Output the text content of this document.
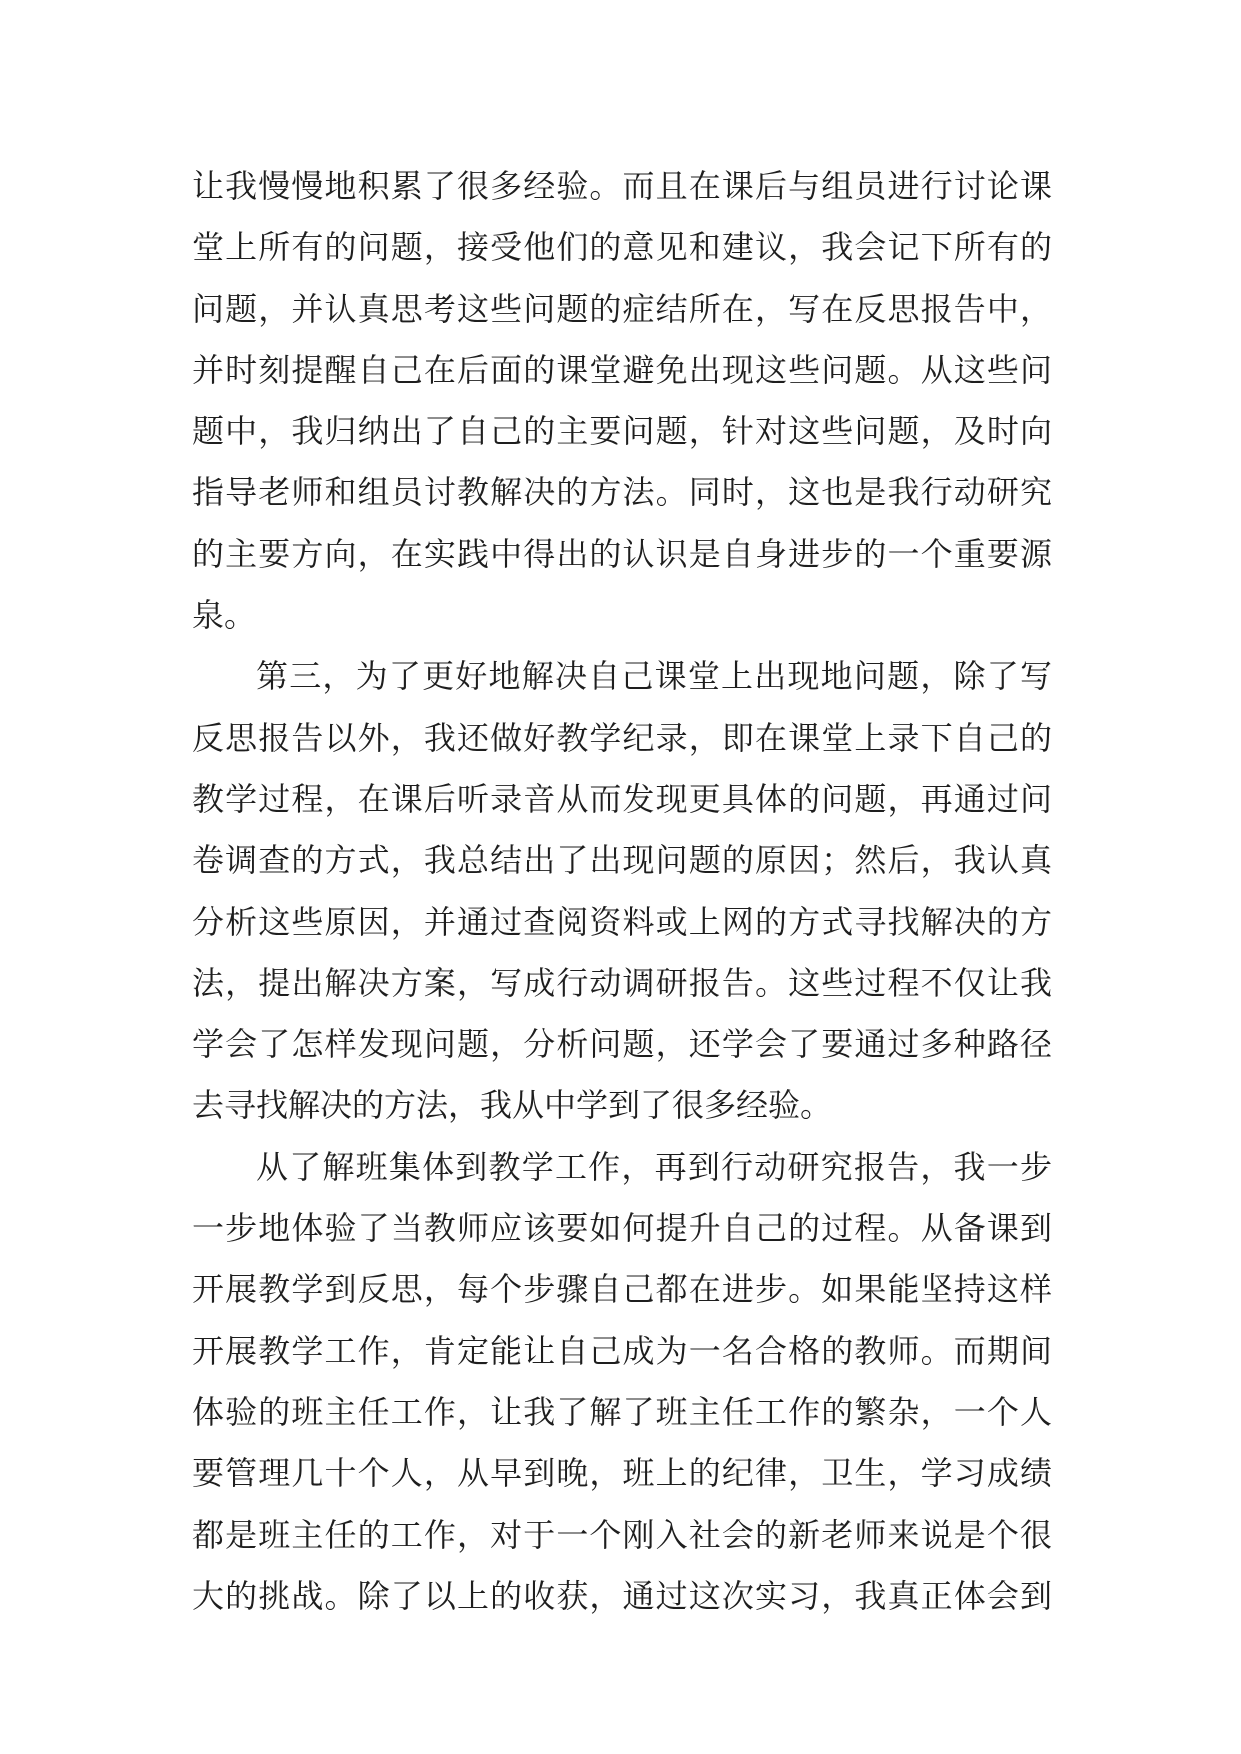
让我慢慢地积累了很多经验。而且在课后与组员进行讨论课
堂上所有的问题，接受他们的意见和建议，我会记下所有的
问题，并认真思考这些问题的症结所在，写在反思报告中，
并时刻提醒自己在后面的课堂避免出现这些问题。从这些问
题中，我归纳出了自己的主要问题，针对这些问题，及时向
指导老师和组员讨教解决的方法。同时，这也是我行动研究
的主要方向，在实践中得出的认识是自身进步的一个重要源
泉。
第三，为了更好地解决自己课堂上出现地问题，除了写
反思报告以外，我还做好教学纪录，即在课堂上录下自己的
教学过程，在课后听录音从而发现更具体的问题，再通过问
卷调查的方式，我总结出了出现问题的原因；然后，我认真
分析这些原因，并通过查阅资料或上网的方式寻找解决的方
法，提出解决方案，写成行动调研报告。这些过程不仅让我
学会了怎样发现问题，分析问题，还学会了要通过多种路径
去寻找解决的方法，我从中学到了很多经验。
从了解班集体到教学工作，再到行动研究报告，我一步
一步地体验了当教师应该要如何提升自己的过程。从备课到
开展教学到反思，每个步骤自己都在进步。如果能坚持这样
开展教学工作，肯定能让自己成为一名合格的教师。而期间
体验的班主任工作，让我了解了班主任工作的繁杂，一个人
要管理几十个人，从早到晚，班上的纪律，卫生，学习成绩
都是班主任的工作，对于一个刚入社会的新老师来说是个很
大的挑战。除了以上的收获，通过这次实习，我真正体会到
